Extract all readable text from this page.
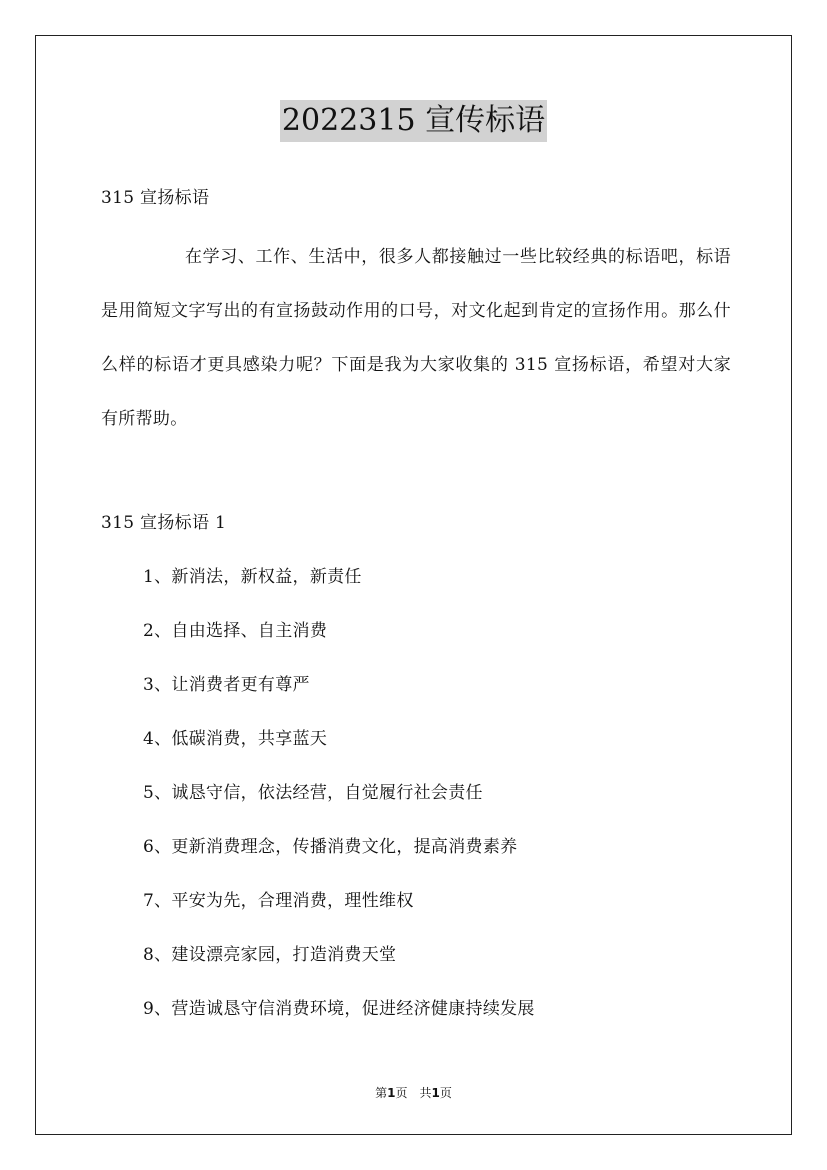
2022315 宣传标语
315 宣扬标语
在学习、工作、生活中，很多人都接触过一些比较经典的标语吧，标语是用简短文字写出的有宣扬鼓动作用的口号，对文化起到肯定的宣扬作用。那么什么样的标语才更具感染力呢？下面是我为大家收集的 315 宣扬标语，希望对大家有所帮助。
315 宣扬标语 1
1、新消法，新权益，新责任
2、自由选择、自主消费
3、让消费者更有尊严
4、低碳消费，共享蓝天
5、诚恳守信，依法经营，自觉履行社会责任
6、更新消费理念，传播消费文化，提高消费素养
7、平安为先，合理消费，理性维权
8、建设漂亮家园，打造消费天堂
9、营造诚恳守信消费环境，促进经济健康持续发展
第1页　共1页
